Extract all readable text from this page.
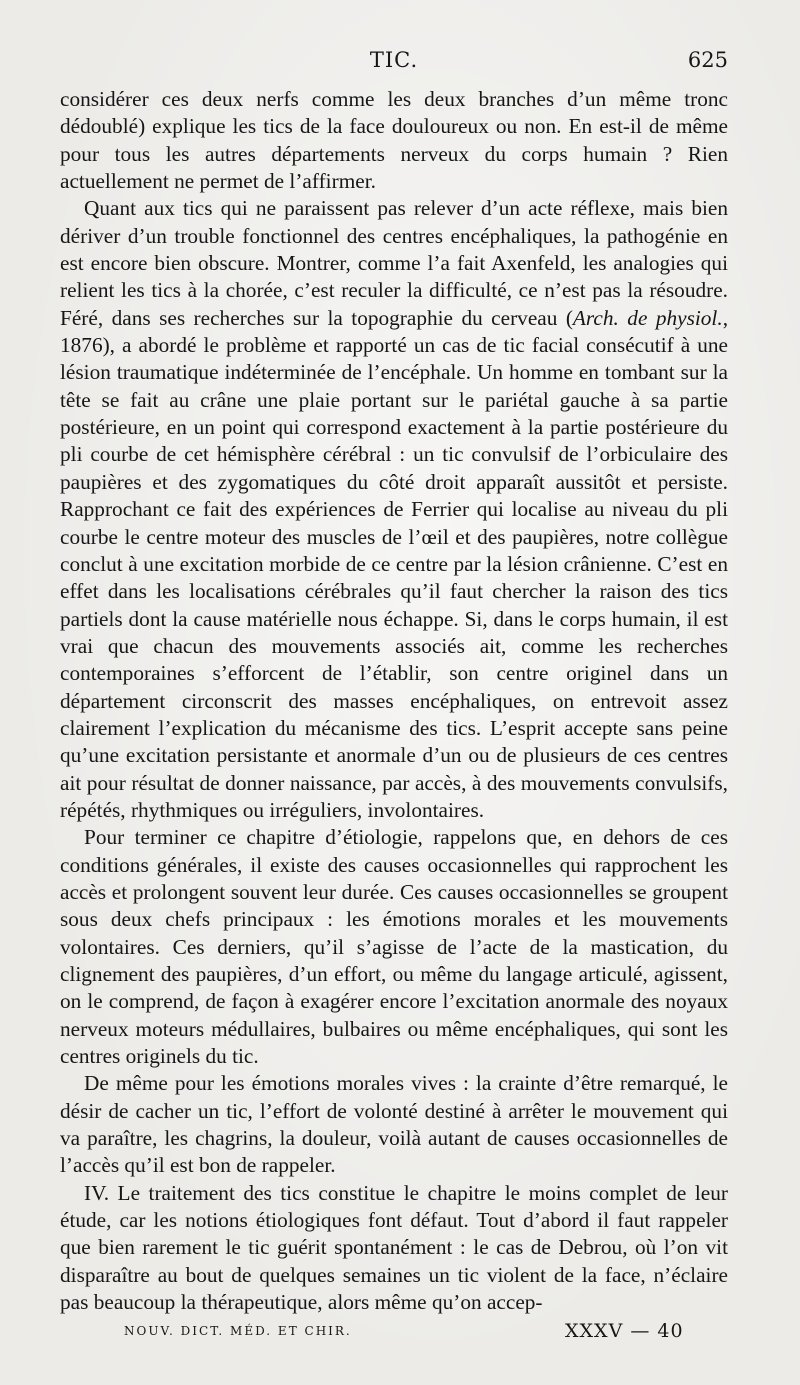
TIC.	625

considérer ces deux nerfs comme les deux branches d’un même tronc dédoublé) explique les tics de la face douloureux ou non. En est-il de même pour tous les autres départements nerveux du corps humain ? Rien actuellement ne permet de l’affirmer.

Quant aux tics qui ne paraissent pas relever d’un acte réflexe, mais bien dériver d’un trouble fonctionnel des centres encéphaliques, la pathogénie en est encore bien obscure. Montrer, comme l’a fait Axenfeld, les analogies qui relient les tics à la chorée, c’est reculer la difficulté, ce n’est pas la résoudre. Féré, dans ses recherches sur la topographie du cerveau (Arch. de physiol., 1876), a abordé le problème et rapporté un cas de tic facial consécutif à une lésion traumatique indéterminée de l’encéphale. Un homme en tombant sur la tête se fait au crâne une plaie portant sur le pariétal gauche à sa partie postérieure, en un point qui correspond exactement à la partie postérieure du pli courbe de cet hémisphère cérébral : un tic convulsif de l’orbiculaire des paupières et des zygomatiques du côté droit apparaît aussitôt et persiste. Rapprochant ce fait des expériences de Ferrier qui localise au niveau du pli courbe le centre moteur des muscles de l’œil et des paupières, notre collègue conclut à une excitation morbide de ce centre par la lésion crânienne. C’est en effet dans les localisations cérébrales qu’il faut chercher la raison des tics partiels dont la cause matérielle nous échappe. Si, dans le corps humain, il est vrai que chacun des mouvements associés ait, comme les recherches contemporaines s’efforcent de l’établir, son centre originel dans un département circonscrit des masses encéphaliques, on entrevoit assez clairement l’explication du mécanisme des tics. L’esprit accepte sans peine qu’une excitation persistante et anormale d’un ou de plusieurs de ces centres ait pour résultat de donner naissance, par accès, à des mouvements convulsifs, répétés, rhythmiques ou irréguliers, involontaires.

Pour terminer ce chapitre d’étiologie, rappelons que, en dehors de ces conditions générales, il existe des causes occasionnelles qui rapprochent les accès et prolongent souvent leur durée. Ces causes occasionnelles se groupent sous deux chefs principaux : les émotions morales et les mouvements volontaires. Ces derniers, qu’il s’agisse de l’acte de la mastication, du clignement des paupières, d’un effort, ou même du langage articulé, agissent, on le comprend, de façon à exagérer encore l’excitation anormale des noyaux nerveux moteurs médullaires, bulbaires ou même encéphaliques, qui sont les centres originels du tic.

De même pour les émotions morales vives : la crainte d’être remarqué, le désir de cacher un tic, l’effort de volonté destiné à arrêter le mouvement qui va paraître, les chagrins, la douleur, voilà autant de causes occasionnelles de l’accès qu’il est bon de rappeler.

IV. Le traitement des tics constitue le chapitre le moins complet de leur étude, car les notions étiologiques font défaut. Tout d’abord il faut rappeler que bien rarement le tic guérit spontanément : le cas de Debrou, où l’on vit disparaître au bout de quelques semaines un tic violent de la face, n’éclaire pas beaucoup la thérapeutique, alors même qu’on accep-

NOUV. DICT. MÉD. ET CHIR.	XXXV — 40
